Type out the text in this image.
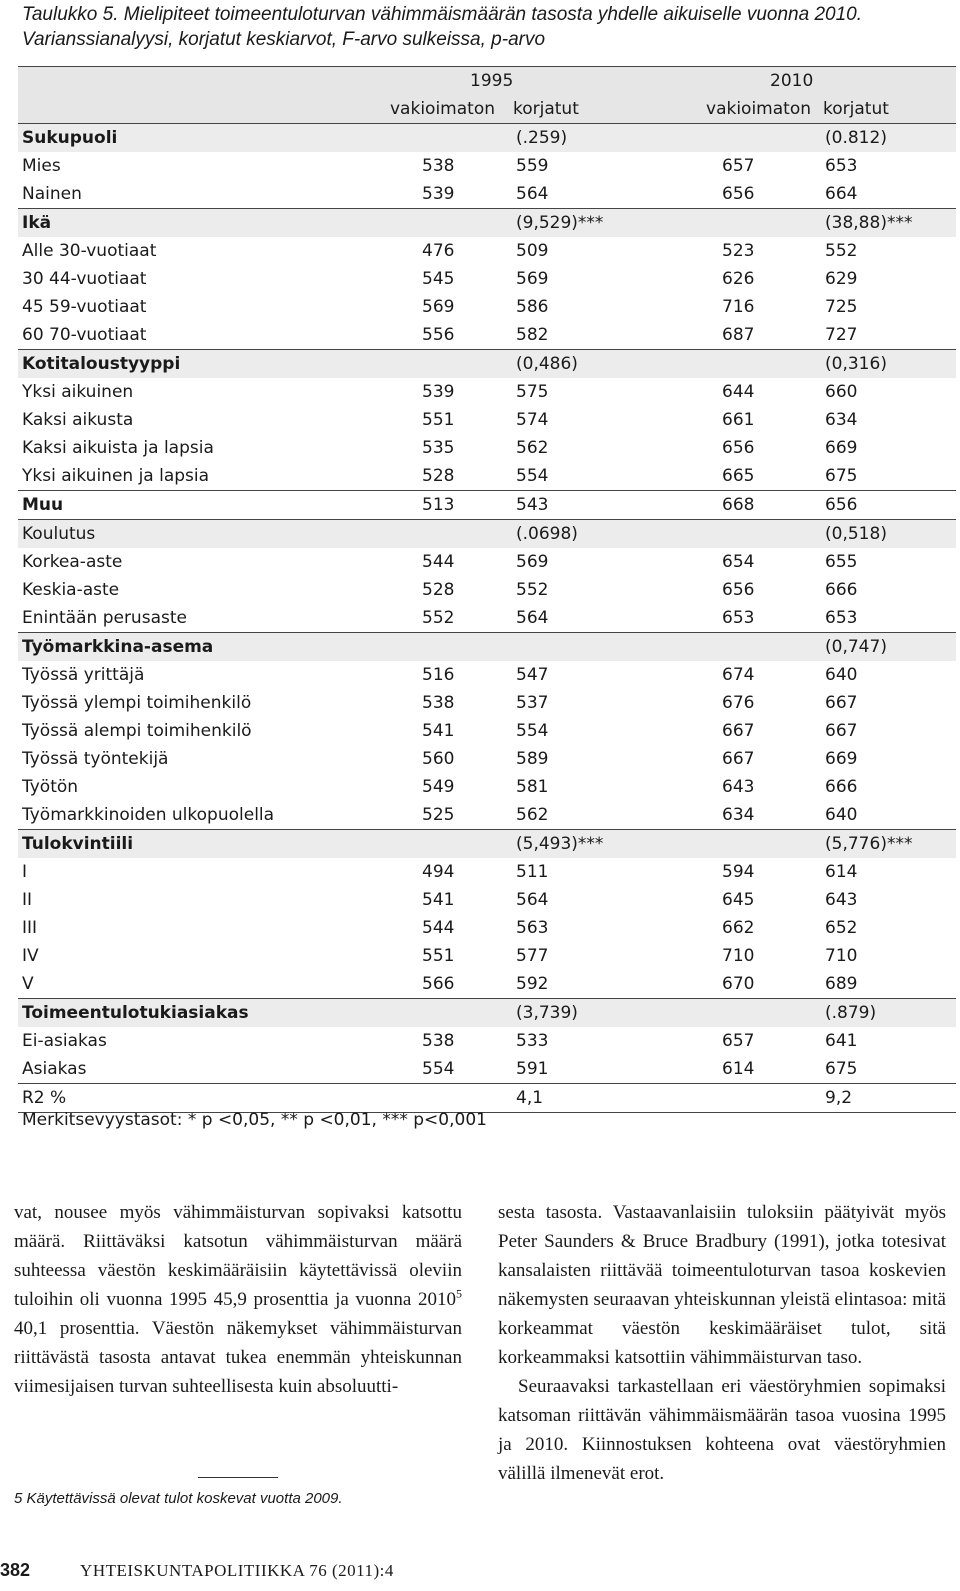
Taulukko 5. Mielipiteet toimeentuloturvan vähimmäismäärän tasosta yhdelle aikuiselle vuonna 2010. Varianssianalyysi, korjatut keskiarvot, F-arvo sulkeissa, p-arvo

	1995		2010	
	vakioimaton	korjatut	vakioimaton	korjatut
Sukupuoli		(.259)		(0.812)
Mies	538	559	657	653
Nainen	539	564	656	664
Ikä		(9,529)***		(38,88)***
Alle 30-vuotiaat	476	509	523	552
30 44-vuotiaat	545	569	626	629
45 59-vuotiaat	569	586	716	725
60 70-vuotiaat	556	582	687	727
Kotitaloustyyppi		(0,486)		(0,316)
Yksi aikuinen	539	575	644	660
Kaksi aikusta	551	574	661	634
Kaksi aikuista ja lapsia	535	562	656	669
Yksi aikuinen ja lapsia	528	554	665	675
Muu	513	543	668	656
Koulutus		(.0698)		(0,518)
Korkea-aste	544	569	654	655
Keskia-aste	528	552	656	666
Enintään perusaste	552	564	653	653
Työmarkkina-asema				(0,747)
Työssä yrittäjä	516	547	674	640
Työssä ylempi toimihenkilö	538	537	676	667
Työssä alempi toimihenkilö	541	554	667	667
Työssä työntekijä	560	589	667	669
Työtön	549	581	643	666
Työmarkkinoiden ulkopuolella	525	562	634	640
Tulokvintiili		(5,493)***		(5,776)***
I	494	511	594	614
II	541	564	645	643
III	544	563	662	652
IV	551	577	710	710
V	566	592	670	689
Toimeentulotukiasiakas		(3,739)		(.879)
Ei-asiakas	538	533	657	641
Asiakas	554	591	614	675
R2 %		4,1		9,2

Merkitsevyystasot: * p <0,05, ** p <0,01, *** p<0,001

vat, nousee myös vähimmäisturvan sopivaksi katsottu määrä. Riittäväksi katsotun vähimmäisturvan määrä suhteessa väestön keskimääräisiin käytettävissä oleviin tuloihin oli vuonna 1995 45,9 prosenttia ja vuonna 2010$^5$ 40,1 prosenttia. Väestön näkemykset vähimmäisturvan riittävästä tasosta antavat tukea enemmän yhteiskunnan viimesijaisen turvan suhteellisesta kuin absoluutti-

sesta tasosta. Vastaavanlaisiin tuloksiin päätyivät myös Peter Saunders & Bruce Bradbury (1991), jotka totesivat kansalaisten riittävää toimeentuloturvan tasoa koskevien näkemysten seuraavan yhteiskunnan yleistä elintasoa: mitä korkeammat väestön keskimääräiset tulot, sitä korkeammaksi katsottiin vähimmäisturvan taso.

Seuraavaksi tarkastellaan eri väestöryhmien sopimaksi katsoman riittävän vähimmäismäärän tasoa vuosina 1995 ja 2010. Kiinnostuksen kohteena ovat väestöryhmien välillä ilmenevät erot.

5 Käytettävissä olevat tulot koskevat vuotta 2009.

382	YHTEISKUNTAPOLITIIKKA 76 (2011):4
